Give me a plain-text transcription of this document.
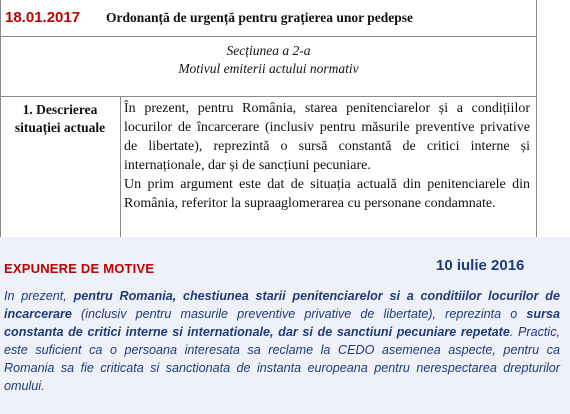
18.01.2017 Ordonanță de urgență pentru grațierea unor pedepse
Secțiunea a 2-a
Motivul emiterii actului normativ
1. Descrierea
situației actuale

În prezent, pentru România, starea penitenciarelor și a condițiilor locurilor de încarcerare (inclusiv pentru măsurile preventive privative de libertate), reprezintă o sursă constantă de critici interne și internaționale, dar și de sancțiuni pecuniare.

Un prim argument este dat de situația actuală din penitenciarele din România, referitor la supraaglomerarea cu personane condamnate.

EXPUNERE DE MOTIVE	10 iulie 2016
In prezent, pentru Romania, chestiunea starii penitenciarelor si a conditiilor locurilor de incarcerare (inclusiv pentru masurile preventive privative de libertate), reprezinta o sursa constanta de critici interne si internationale, dar si de sanctiuni pecuniare repetate. Practic, este suficient ca o persoana interesata sa reclame la CEDO asemenea aspecte, pentru ca Romania sa fie criticata si sanctionata de instanta europeana pentru nerespectarea drepturilor omului.
